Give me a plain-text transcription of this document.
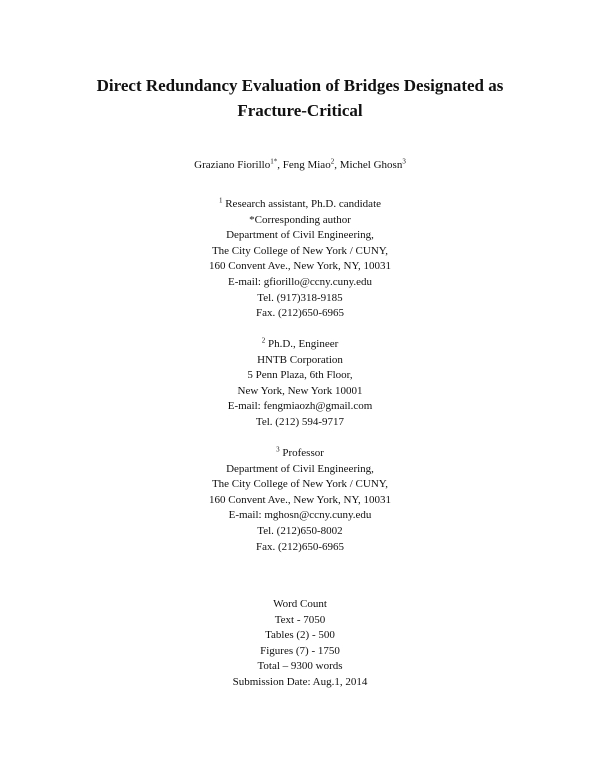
Direct Redundancy Evaluation of Bridges Designated as
Fracture-Critical
Graziano Fiorillo$^{1*}$, Feng Miao$^2$, Michel Ghosn$^3$
$^1$ Research assistant, Ph.D. candidate
*Corresponding author
Department of Civil Engineering,
The City College of New York / CUNY,
160 Convent Ave., New York, NY, 10031
E-mail: gfiorillo@ccny.cuny.edu
Tel. (917)318-9185
Fax. (212)650-6965
$^2$ Ph.D., Engineer
HNTB Corporation
5 Penn Plaza, 6th Floor,
New York, New York 10001
E-mail: fengmiaozh@gmail.com
Tel. (212) 594-9717
$^3$ Professor
Department of Civil Engineering,
The City College of New York / CUNY,
160 Convent Ave., New York, NY, 10031
E-mail: mghosn@ccny.cuny.edu
Tel. (212)650-8002
Fax. (212)650-6965
Word Count
Text - 7050
Tables (2) - 500
Figures (7) - 1750
Total – 9300 words
Submission Date: Aug.1, 2014
